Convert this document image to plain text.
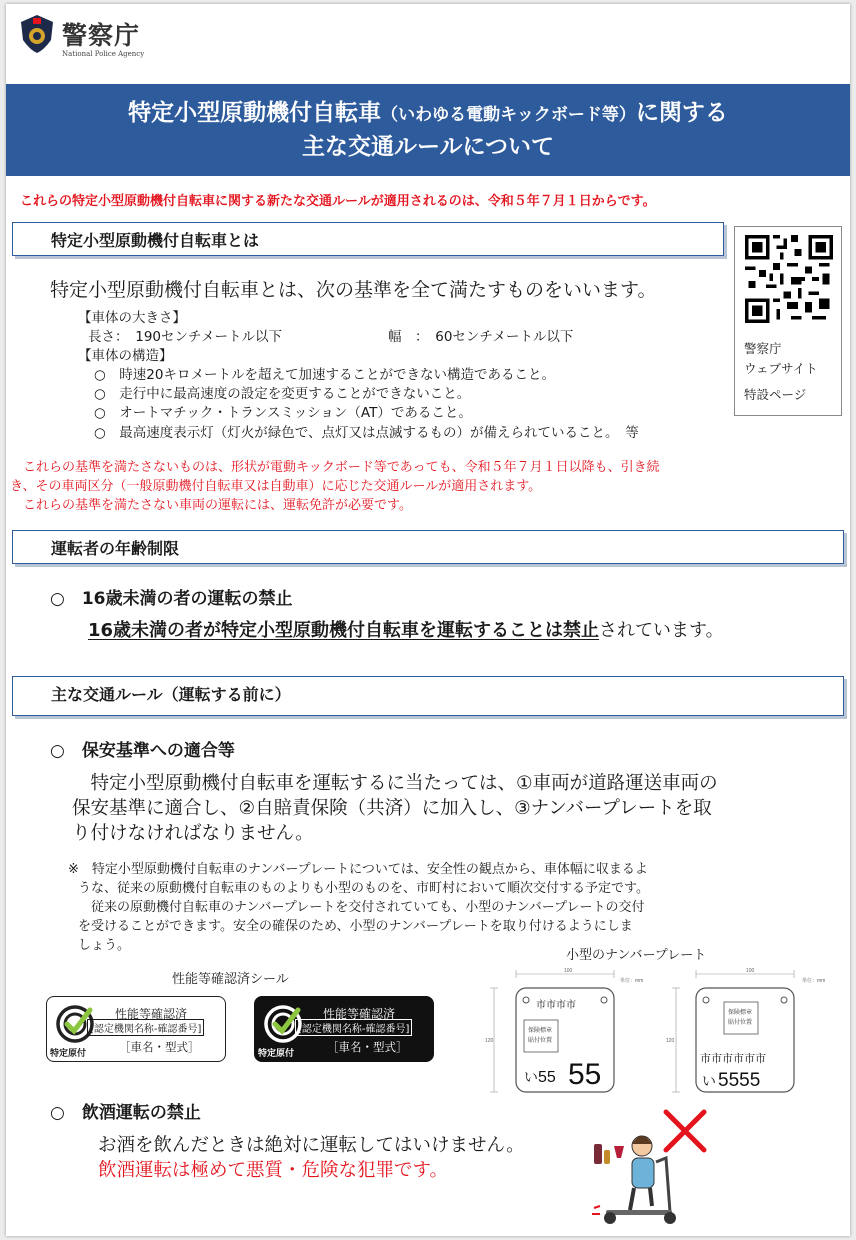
警察庁
National Police Agency
特定小型原動機付自転車（いわゆる電動キックボード等）に関する
主な交通ルールについて
これらの特定小型原動機付自転車に関する新たな交通ルールが適用されるのは、令和５年７月１日からです。
特定小型原動機付自転車とは
警察庁
ウェブサイト
特設ページ
特定小型原動機付自転車とは、次の基準を全て満たすものをいいます。
【車体の大きさ】
長さ：　190センチメートル以下	幅　：　60センチメートル以下
【車体の構造】
○　時速20キロメートルを超えて加速することができない構造であること。
○　走行中に最高速度の設定を変更することができないこと。
○　オートマチック・トランスミッション（AT）であること。
○　最高速度表示灯（灯火が緑色で、点灯又は点滅するもの）が備えられていること。　等
　これらの基準を満たさないものは、形状が電動キックボード等であっても、令和５年７月１日以降も、引き続
き、その車両区分（一般原動機付自転車又は自動車）に応じた交通ルールが適用されます。
　これらの基準を満たさない車両の運転には、運転免許が必要です。
運転者の年齢制限
○　16歳未満の者の運転の禁止
16歳未満の者が特定小型原動機付自転車を運転することは禁止されています。
主な交通ルール（運転する前に）
○　保安基準への適合等
　特定小型原動機付自転車を運転するに当たっては、①車両が道路運送車両の
保安基準に適合し、②自賠責保険（共済）に加入し、③ナンバープレートを取
り付けなければなりません。
※　特定小型原動機付自転車のナンバープレートについては、安全性の観点から、車体幅に収まるよ
うな、従来の原動機付自転車のものよりも小型のものを、市町村において順次交付する予定です。
　従来の原動機付自転車のナンバープレートを交付されていても、小型のナンバープレートの交付
を受けることができます。安全の確保のため、小型のナンバープレートを取り付けるようにしま
しょう。
性能等確認済シール
小型のナンバープレート
性能等確認済
[認定機関名称-確認番号]
［車名・型式］
特定原付
性能等確認済
[認定機関名称-確認番号]
［車名・型式］
特定原付
100	100
120	120
単位：mm	単位：mm
市市市市
保険標章
貼付位置
い 55 55
保険標章
貼付位置
市市市市市市
い 5555
○　飲酒運転の禁止
お酒を飲んだときは絶対に運転してはいけません。
飲酒運転は極めて悪質・危険な犯罪です。
